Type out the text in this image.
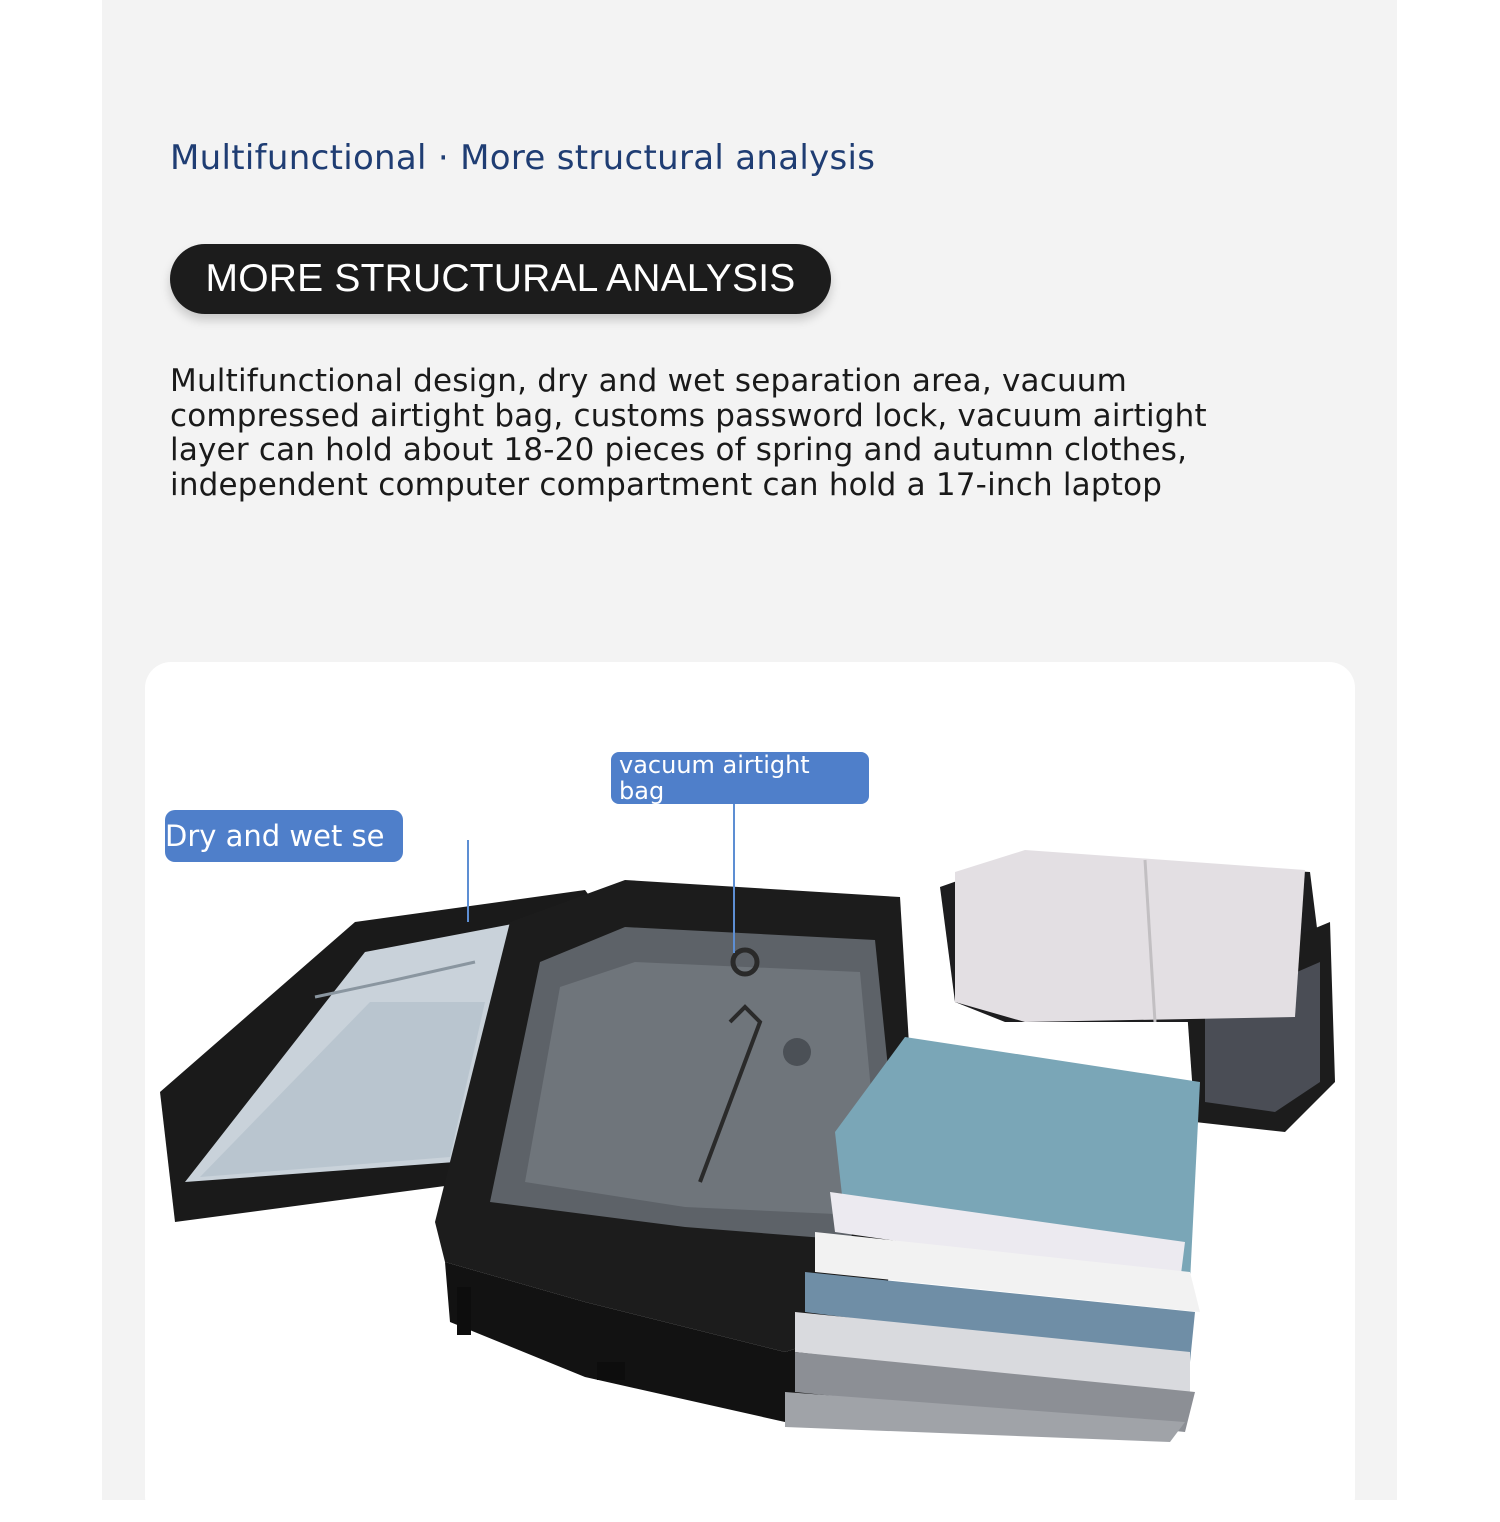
Multifunctional · More structural analysis
MORE STRUCTURAL ANALYSIS
Multifunctional design, dry and wet separation area, vacuum compressed airtight bag, customs password lock, vacuum airtight layer can hold about 18-20 pieces of spring and autumn clothes, independent computer compartment can hold a 17-inch laptop
Dry and wet se
vacuum airtight bag
